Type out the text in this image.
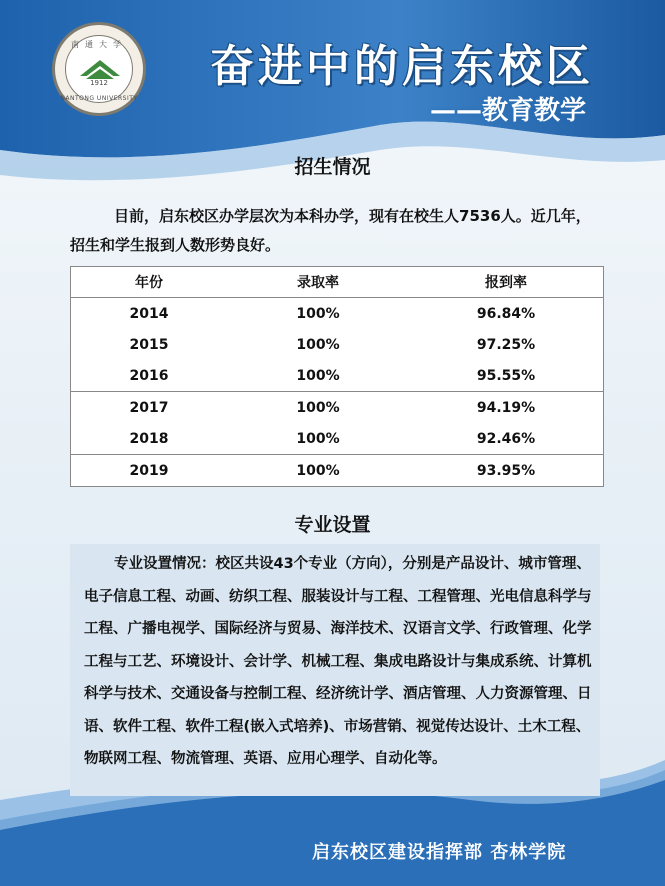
南通大学
1912
NANTONG UNIVERSITY
奋进中的启东校区
——教育教学
招生情况
目前，启东校区办学层次为本科办学，现有在校生人7536人。近几年，招生和学生报到人数形势良好。
年份	录取率	报到率
2014	100%	96.84%
2015	100%	97.25%
2016	100%	95.55%
2017	100%	94.19%
2018	100%	92.46%
2019	100%	93.95%
专业设置
专业设置情况：校区共设43个专业（方向），分别是产品设计、城市管理、电子信息工程、动画、纺织工程、服装设计与工程、工程管理、光电信息科学与工程、广播电视学、国际经济与贸易、海洋技术、汉语言文学、行政管理、化学工程与工艺、环境设计、会计学、机械工程、集成电路设计与集成系统、计算机科学与技术、交通设备与控制工程、经济统计学、酒店管理、人力资源管理、日语、软件工程、软件工程(嵌入式培养)、市场营销、视觉传达设计、土木工程、物联网工程、物流管理、英语、应用心理学、自动化等。
启东校区建设指挥部 杏林学院
